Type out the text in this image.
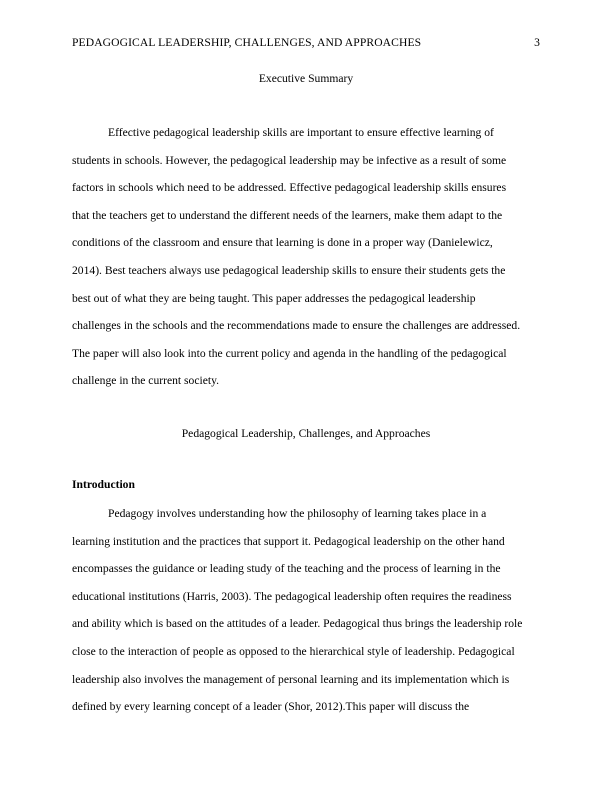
PEDAGOGICAL LEADERSHIP, CHALLENGES, AND APPROACHES	3
Executive Summary
Effective pedagogical leadership skills are important to ensure effective learning of
students in schools. However, the pedagogical leadership may be infective as a result of some
factors in schools which need to be addressed. Effective pedagogical leadership skills ensures
that the teachers get to understand the different needs of the learners, make them adapt to the
conditions of the classroom and ensure that learning is done in a proper way (Danielewicz,
2014). Best teachers always use pedagogical leadership skills to ensure their students gets the
best out of what they are being taught. This paper addresses the pedagogical leadership
challenges in the schools and the recommendations made to ensure the challenges are addressed.
The paper will also look into the current policy and agenda in the handling of the pedagogical
challenge in the current society.
Pedagogical Leadership, Challenges, and Approaches
Introduction
Pedagogy involves understanding how the philosophy of learning takes place in a
learning institution and the practices that support it. Pedagogical leadership on the other hand
encompasses the guidance or leading study of the teaching and the process of learning in the
educational institutions (Harris, 2003). The pedagogical leadership often requires the readiness
and ability which is based on the attitudes of a leader. Pedagogical thus brings the leadership role
close to the interaction of people as opposed to the hierarchical style of leadership. Pedagogical
leadership also involves the management of personal learning and its implementation which is
defined by every learning concept of a leader (Shor, 2012).This paper will discuss the
